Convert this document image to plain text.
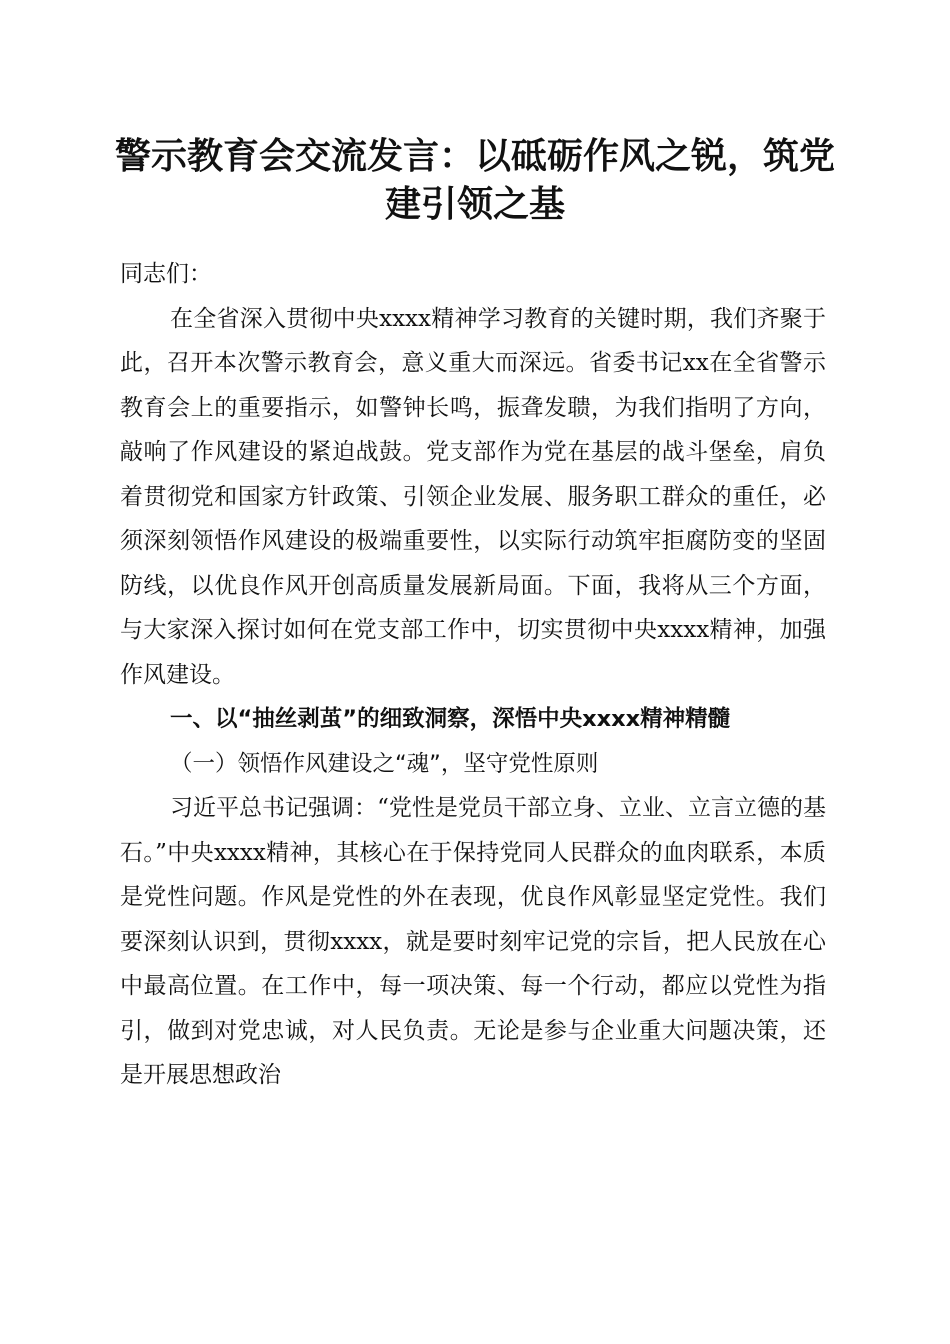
警示教育会交流发言：以砥砺作风之锐，筑党建引领之基

同志们：

在全省深入贯彻中央xxxx精神学习教育的关键时期，我们齐聚于此，召开本次警示教育会，意义重大而深远。省委书记xx在全省警示教育会上的重要指示，如警钟长鸣，振聋发聩，为我们指明了方向，敲响了作风建设的紧迫战鼓。党支部作为党在基层的战斗堡垒，肩负着贯彻党和国家方针政策、引领企业发展、服务职工群众的重任，必须深刻领悟作风建设的极端重要性，以实际行动筑牢拒腐防变的坚固防线，以优良作风开创高质量发展新局面。下面，我将从三个方面，与大家深入探讨如何在党支部工作中，切实贯彻中央xxxx精神，加强作风建设。

一、以“抽丝剥茧”的细致洞察，深悟中央xxxx精神精髓

（一）领悟作风建设之“魂”，坚守党性原则

习近平总书记强调：“党性是党员干部立身、立业、立言立德的基石。”中央xxxx精神，其核心在于保持党同人民群众的血肉联系，本质是党性问题。作风是党性的外在表现，优良作风彰显坚定党性。我们要深刻认识到，贯彻xxxx，就是要时刻牢记党的宗旨，把人民放在心中最高位置。在工作中，每一项决策、每一个行动，都应以党性为指引，做到对党忠诚，对人民负责。无论是参与企业重大问题决策，还是开展思想政治
